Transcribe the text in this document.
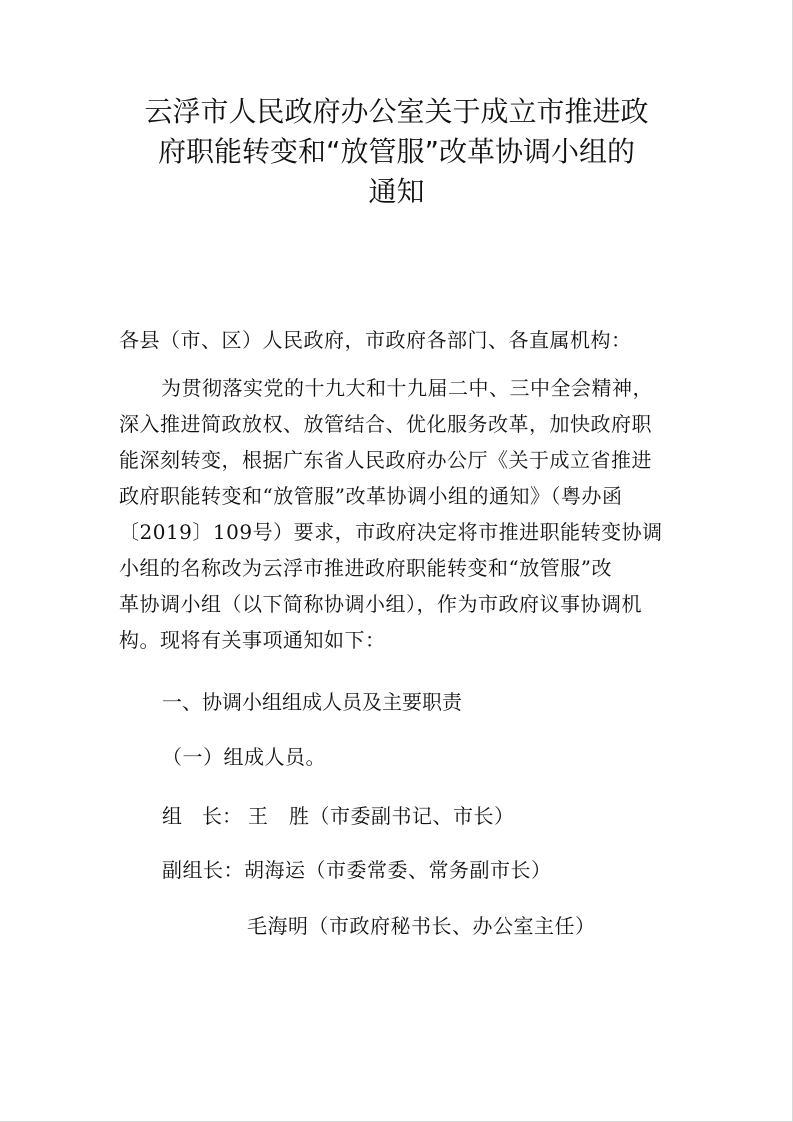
云浮市人民政府办公室关于成立市推进政
府职能转变和“放管服”改革协调小组的
通知
各县（市、区）人民政府，市政府各部门、各直属机构：
为贯彻落实党的十九大和十九届二中、三中全会精神，
深入推进简政放权、放管结合、优化服务改革，加快政府职
能深刻转变，根据广东省人民政府办公厅《关于成立省推进
政府职能转变和“放管服”改革协调小组的通知》（粤办函
〔2019〕109号）要求，市政府决定将市推进职能转变协调
小组的名称改为云浮市推进政府职能转变和“放管服”改
革协调小组（以下简称协调小组），作为市政府议事协调机
构。现将有关事项通知如下：
一、协调小组组成人员及主要职责
（一）组成人员。
组　长： 王　胜（市委副书记、市长）
副组长：胡海运（市委常委、常务副市长）
毛海明（市政府秘书长、办公室主任）
